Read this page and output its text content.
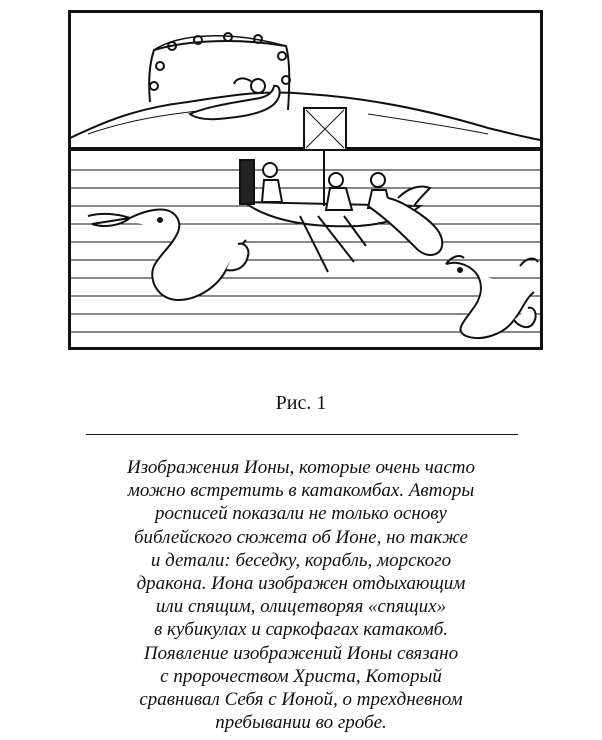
Рис. 1
Изображения Ионы, которые очень часто
можно встретить в катакомбах. Авторы
росписей показали не только основу
библейского сюжета об Ионе, но также
и детали: беседку, корабль, морского
дракона. Иона изображен отдыхающим
или спящим, олицетворяя «спящих»
в кубикулах и саркофагах катакомб.
Появление изображений Ионы связано
с пророчеством Христа, Который
сравнивал Себя с Ионой, о трехдневном
пребывании во гробе.
